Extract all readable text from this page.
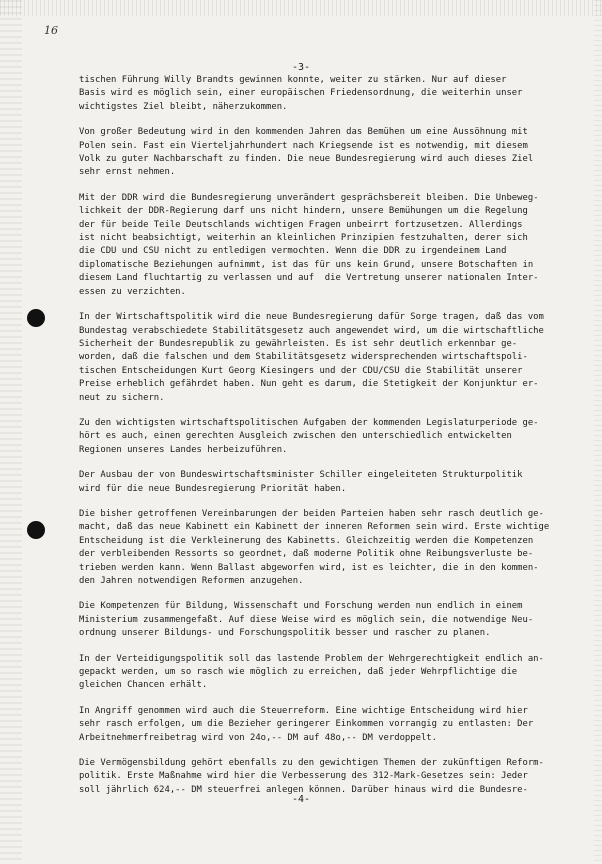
16
-3-
tischen Führung Willy Brandts gewinnen konnte, weiter zu stärken. Nur auf dieser
Basis wird es möglich sein, einer europäischen Friedensordnung, die weiterhin unser
wichtigstes Ziel bleibt, näherzukommen.
Von großer Bedeutung wird in den kommenden Jahren das Bemühen um eine Aussöhnung mit
Polen sein. Fast ein Vierteljahrhundert nach Kriegsende ist es notwendig, mit diesem
Volk zu guter Nachbarschaft zu finden. Die neue Bundesregierung wird auch dieses Ziel
sehr ernst nehmen.
Mit der DDR wird die Bundesregierung unverändert gesprächsbereit bleiben. Die Unbeweg-
lichkeit der DDR-Regierung darf uns nicht hindern, unsere Bemühungen um die Regelung
der für beide Teile Deutschlands wichtigen Fragen unbeirrt fortzusetzen. Allerdings
ist nicht beabsichtigt, weiterhin an kleinlichen Prinzipien festzuhalten, derer sich
die CDU und CSU nicht zu entledigen vermochten. Wenn die DDR zu irgendeinem Land
diplomatische Beziehungen aufnimmt, ist das für uns kein Grund, unsere Botschaften in
diesem Land fluchtartig zu verlassen und auf  die Vertretung unserer nationalen Inter-
essen zu verzichten.
In der Wirtschaftspolitik wird die neue Bundesregierung dafür Sorge tragen, daß das vom
Bundestag verabschiedete Stabilitätsgesetz auch angewendet wird, um die wirtschaftliche
Sicherheit der Bundesrepublik zu gewährleisten. Es ist sehr deutlich erkennbar ge-
worden, daß die falschen und dem Stabilitätsgesetz widersprechenden wirtschaftspoli-
tischen Entscheidungen Kurt Georg Kiesingers und der CDU/CSU die Stabilität unserer
Preise erheblich gefährdet haben. Nun geht es darum, die Stetigkeit der Konjunktur er-
neut zu sichern.
Zu den wichtigsten wirtschaftspolitischen Aufgaben der kommenden Legislaturperiode ge-
hört es auch, einen gerechten Ausgleich zwischen den unterschiedlich entwickelten
Regionen unseres Landes herbeizuführen.
Der Ausbau der von Bundeswirtschaftsminister Schiller eingeleiteten Strukturpolitik
wird für die neue Bundesregierung Priorität haben.
Die bisher getroffenen Vereinbarungen der beiden Parteien haben sehr rasch deutlich ge-
macht, daß das neue Kabinett ein Kabinett der inneren Reformen sein wird. Erste wichtige
Entscheidung ist die Verkleinerung des Kabinetts. Gleichzeitig werden die Kompetenzen
der verbleibenden Ressorts so geordnet, daß moderne Politik ohne Reibungsverluste be-
trieben werden kann. Wenn Ballast abgeworfen wird, ist es leichter, die in den kommen-
den Jahren notwendigen Reformen anzugehen.
Die Kompetenzen für Bildung, Wissenschaft und Forschung werden nun endlich in einem
Ministerium zusammengefaßt. Auf diese Weise wird es möglich sein, die notwendige Neu-
ordnung unserer Bildungs- und Forschungspolitik besser und rascher zu planen.
In der Verteidigungspolitik soll das lastende Problem der Wehrgerechtigkeit endlich an-
gepackt werden, um so rasch wie möglich zu erreichen, daß jeder Wehrpflichtige die
gleichen Chancen erhält.
In Angriff genommen wird auch die Steuerreform. Eine wichtige Entscheidung wird hier
sehr rasch erfolgen, um die Bezieher geringerer Einkommen vorrangig zu entlasten: Der
Arbeitnehmerfreibetrag wird von 24o,-- DM auf 48o,-- DM verdoppelt.
Die Vermögensbildung gehört ebenfalls zu den gewichtigen Themen der zukünftigen Reform-
politik. Erste Maßnahme wird hier die Verbesserung des 312-Mark-Gesetzes sein: Jeder
soll jährlich 624,-- DM steuerfrei anlegen können. Darüber hinaus wird die Bundesre-
-4-
